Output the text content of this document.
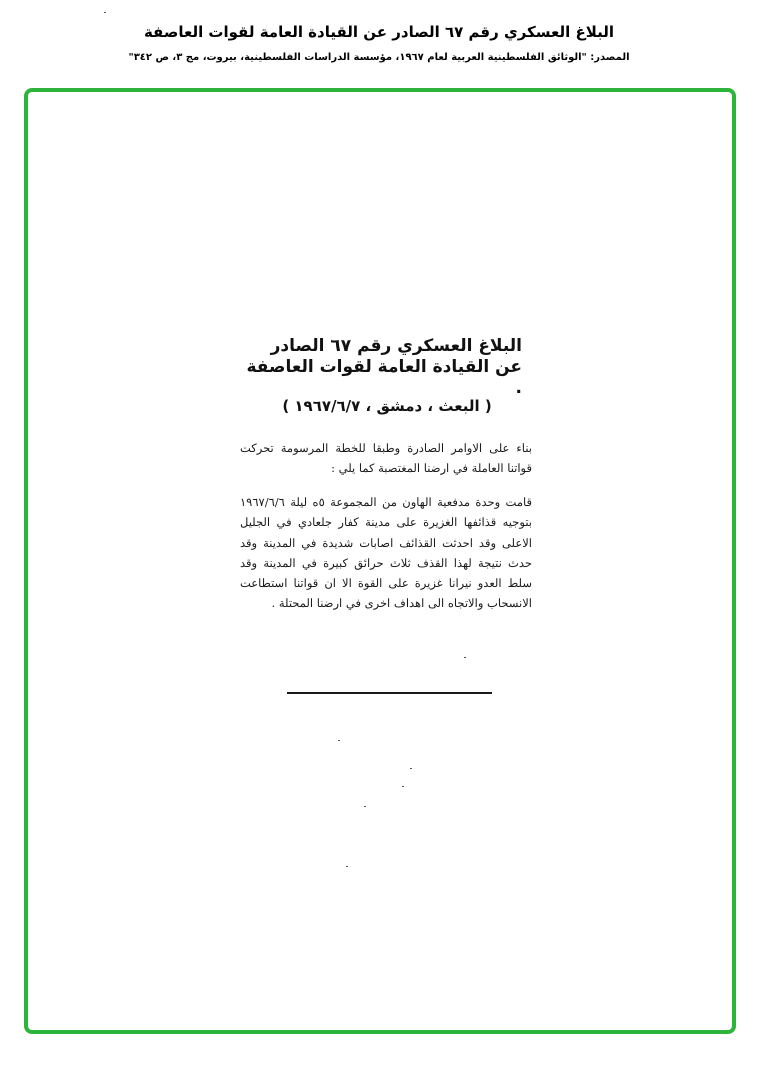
البلاغ العسكري رقم ٦٧ الصادر عن القيادة العامة لقوات العاصفة
المصدر: "الوثائق الفلسطينية العربية لعام ١٩٦٧، مؤسسة الدراسات الفلسطينية، بيروت، مج ٣، ص ٣٤٢"
البلاغ العسكري رقم ٦٧ الصادر عن القيادة العامة لقوات العاصفة .
( البعث ، دمشق ، ١٩٦٧/٦/٧ )
بناء على الاوامر الصادرة وطبقا للخطة المرسومة تحركت قواتنا العاملة في ارضنا المغتصبة كما يلي :
قامت وحدة مدفعية الهاون من المجموعة ٥ه ليلة ١٩٦٧/٦/٦ بتوجيه قذائفها الغزيرة على مدينة كفار جلعادي في الجليل الاعلى وقد احدثت القذائف اصابات شديدة في المدينة وقد حدث نتيجة لهذا القذف ثلاث حرائق كبيرة في المدينة وقد سلط العدو نيرانا غزيرة على القوة الا ان قواتنا استطاعت الانسحاب والاتجاه الى اهداف اخرى في ارضنا المحتلة .
